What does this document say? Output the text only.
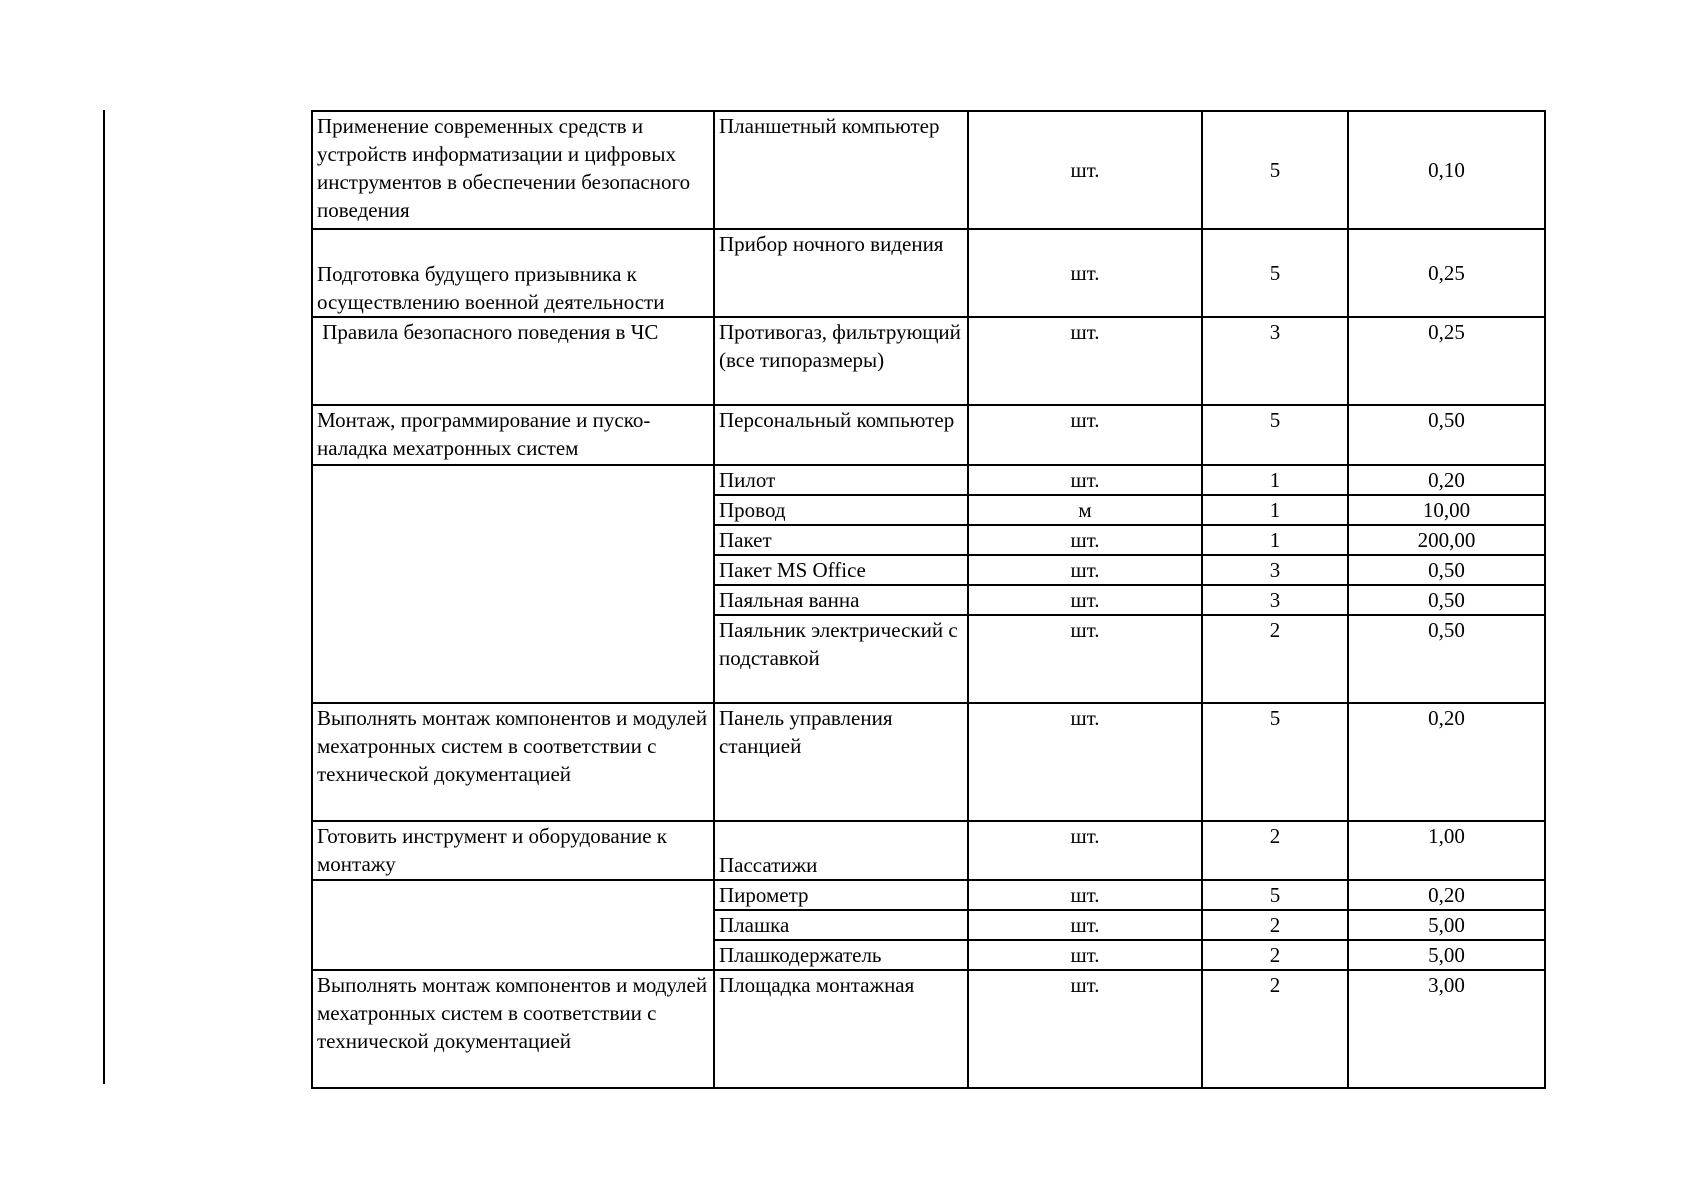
Применение современных средств и устройств информатизации и цифровых инструментов в обеспечении безопасного поведения	Планшетный компьютер	шт.	5	0,10
Подготовка будущего призывника к осуществлению военной деятельности	Прибор ночного видения	шт.	5	0,25
Правила безопасного поведения в ЧС	Противогаз, фильтрующий (все типоразмеры)	шт.	3	0,25
Монтаж, программирование и пуско-наладка мехатронных систем	Персональный компьютер	шт.	5	0,50
	Пилот	шт.	1	0,20
	Провод	м	1	10,00
	Пакет	шт.	1	200,00
	Пакет MS Office	шт.	3	0,50
	Паяльная ванна	шт.	3	0,50
	Паяльник электрический с подставкой	шт.	2	0,50
Выполнять монтаж компонентов и модулей мехатронных систем в соответствии с технической документацией	Панель управления станцией	шт.	5	0,20
Готовить инструмент и оборудование к монтажу	Пассатижи	шт.	2	1,00
	Пирометр	шт.	5	0,20
	Плашка	шт.	2	5,00
	Плашкодержатель	шт.	2	5,00
Выполнять монтаж компонентов и модулей мехатронных систем в соответствии с технической документацией	Площадка монтажная	шт.	2	3,00
